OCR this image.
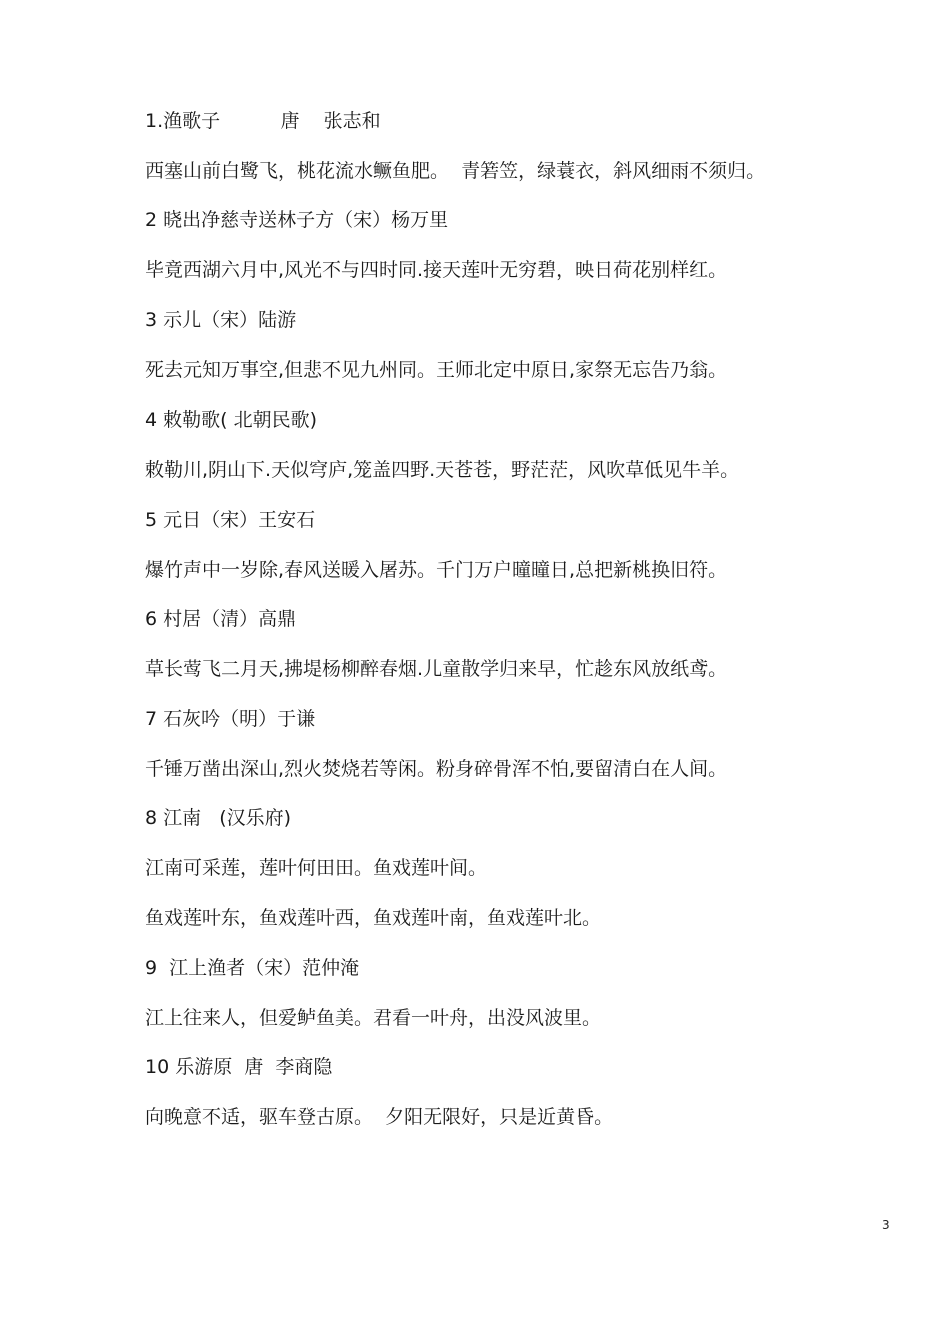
1.渔歌子          唐    张志和
西塞山前白鹭飞，桃花流水鳜鱼肥。  青箬笠，绿蓑衣，斜风细雨不须归。
2 晓出净慈寺送林子方（宋）杨万里
毕竟西湖六月中,风光不与四时同.接天莲叶无穷碧，映日荷花别样红。
3 示儿（宋）陆游
死去元知万事空,但悲不见九州同。王师北定中原日,家祭无忘告乃翁。
4 敕勒歌( 北朝民歌)
敕勒川,阴山下.天似穹庐,笼盖四野.天苍苍，野茫茫，风吹草低见牛羊。
5 元日（宋）王安石
爆竹声中一岁除,春风送暖入屠苏。千门万户曈曈日,总把新桃换旧符。
6 村居（清）高鼎
草长莺飞二月天,拂堤杨柳醉春烟.儿童散学归来早，忙趁东风放纸鸢。
7 石灰吟（明）于谦
千锤万凿出深山,烈火焚烧若等闲。粉身碎骨浑不怕,要留清白在人间。
8 江南   (汉乐府)
江南可采莲，莲叶何田田。鱼戏莲叶间。
鱼戏莲叶东，鱼戏莲叶西，鱼戏莲叶南，鱼戏莲叶北。
9  江上渔者（宋）范仲淹
江上往来人，但爱鲈鱼美。君看一叶舟，出没风波里。
10 乐游原  唐  李商隐
向晚意不适，驱车登古原。  夕阳无限好，只是近黄昏。
3
